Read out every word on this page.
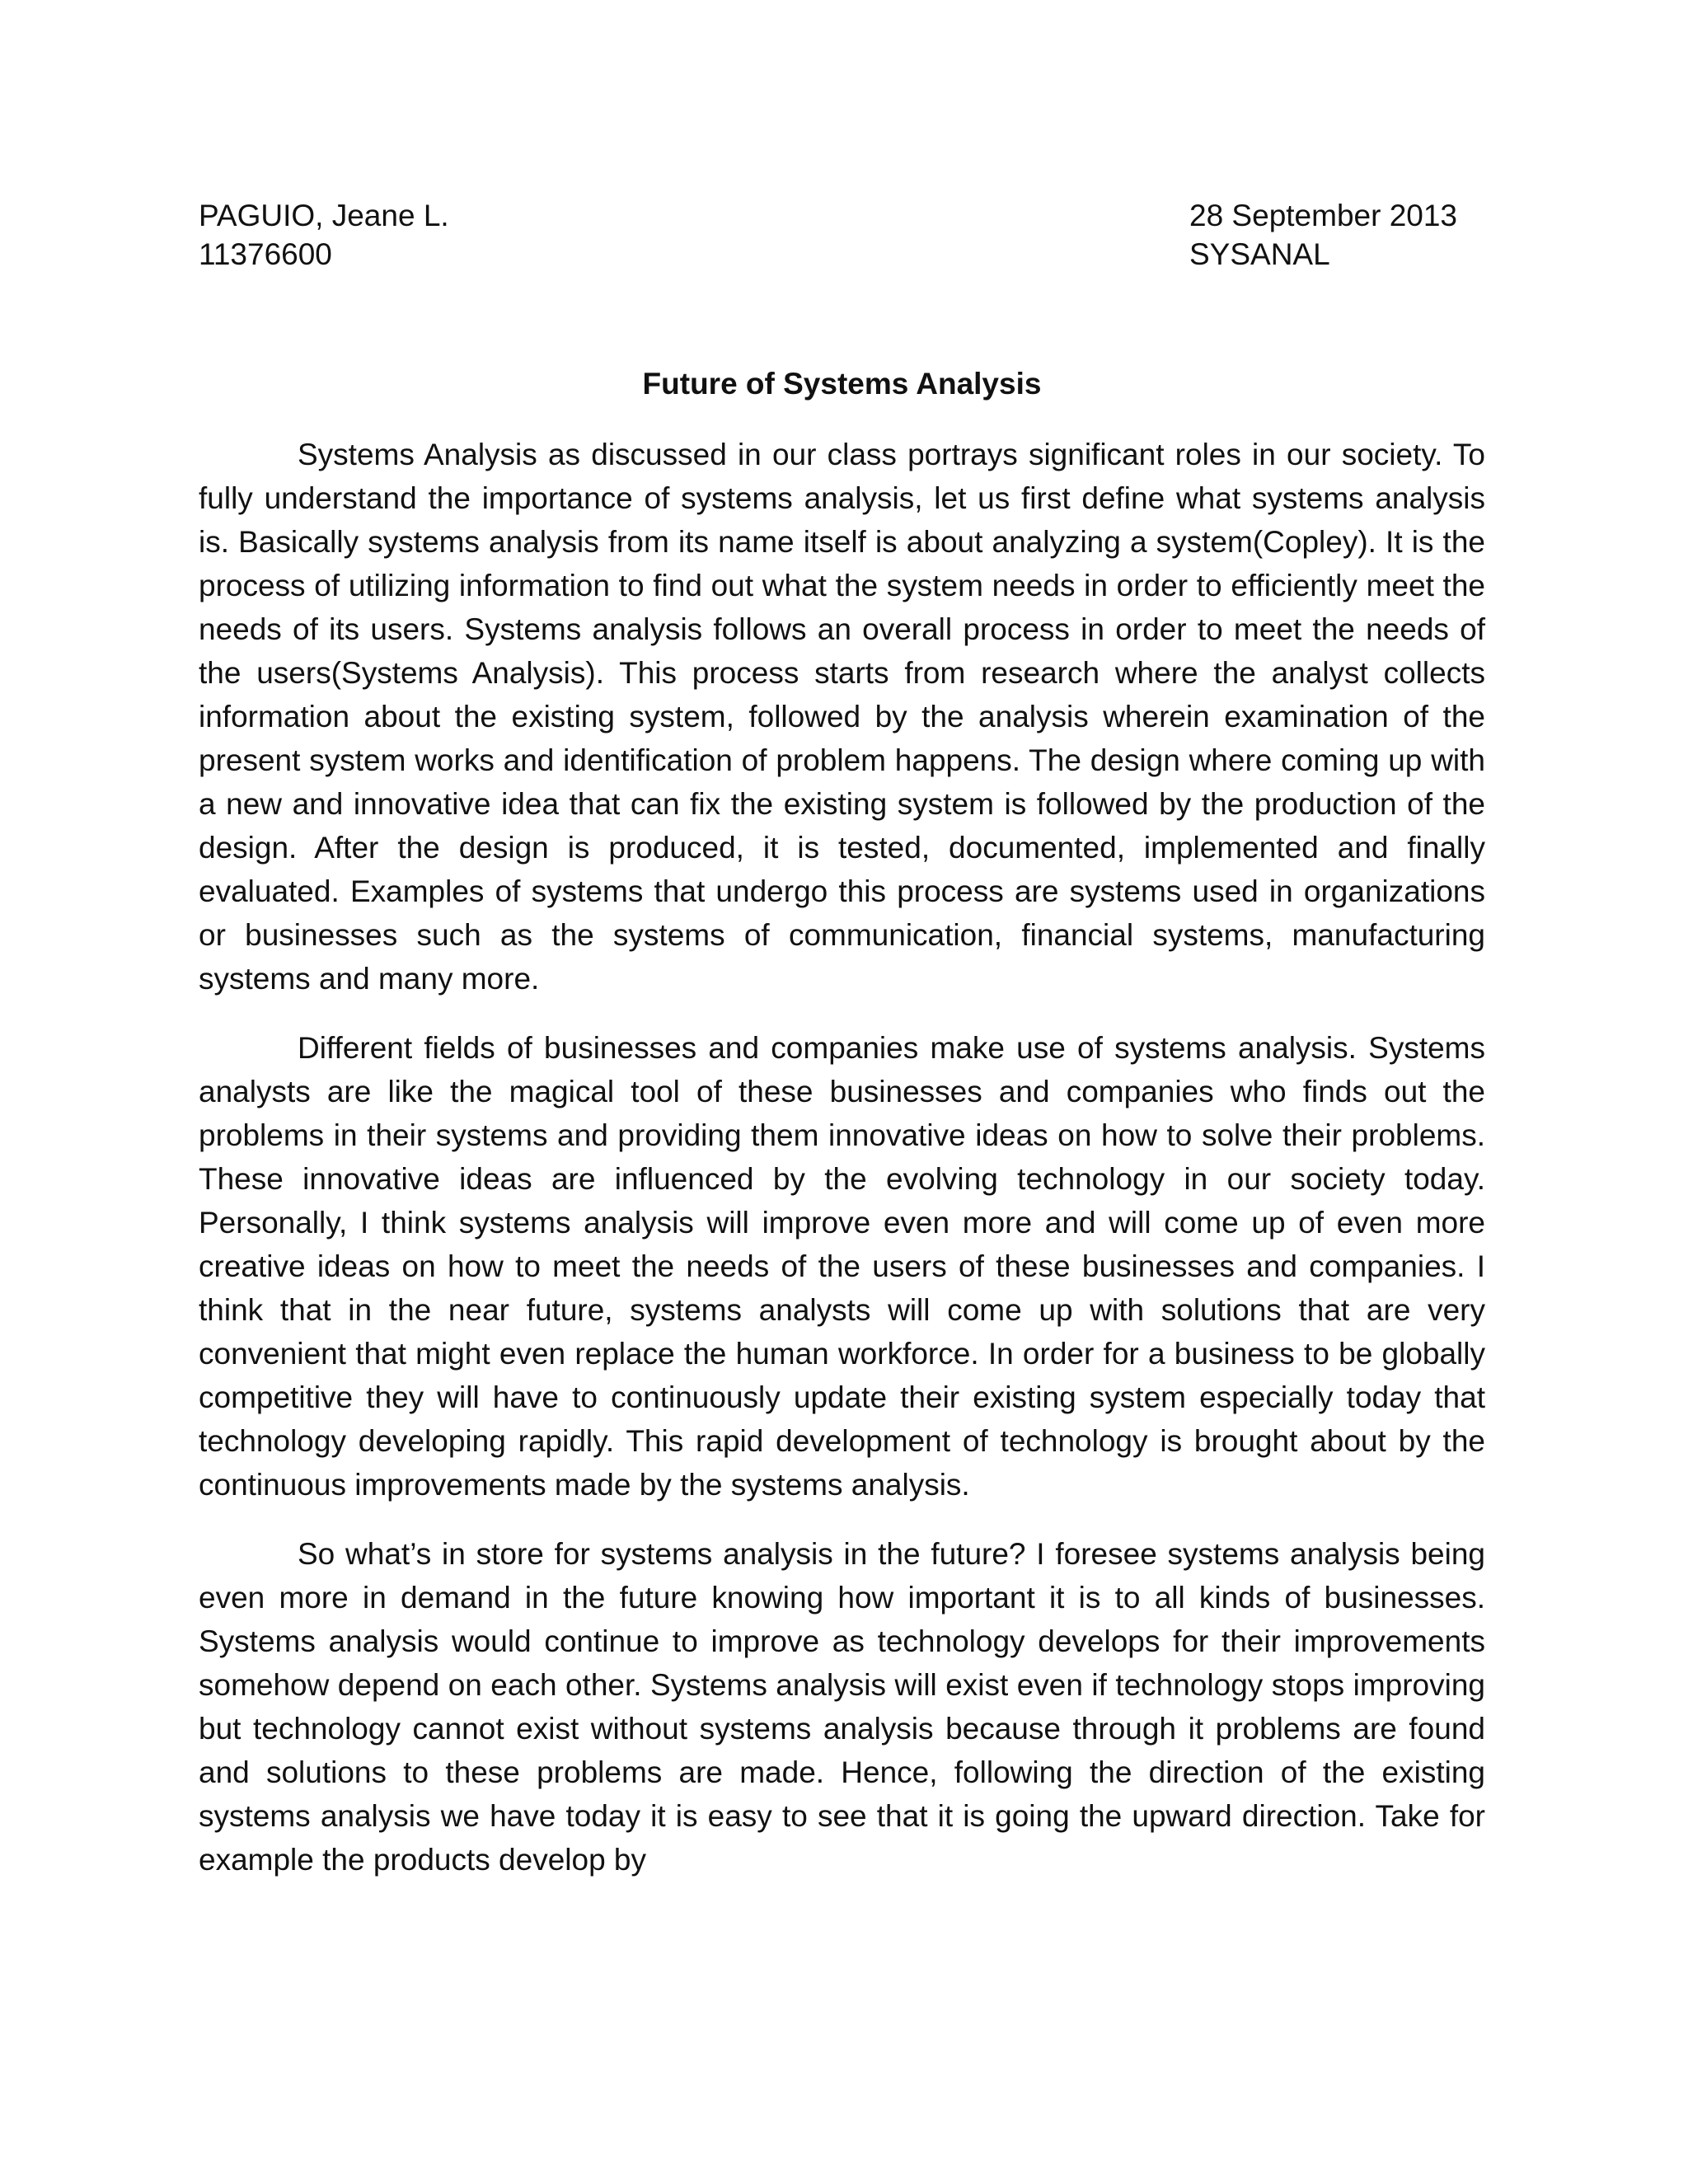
PAGUIO, Jeane L.
11376600
28 September 2013
SYSANAL
Future of Systems Analysis

Systems Analysis as discussed in our class portrays significant roles in our society. To fully understand the importance of systems analysis, let us first define what systems analysis is. Basically systems analysis from its name itself is about analyzing a system(Copley). It is the process of utilizing information to find out what the system needs in order to efficiently meet the needs of its users. Systems analysis follows an overall process in order to meet the needs of the users(Systems Analysis). This process starts from research where the analyst collects information about the existing system, followed by the analysis wherein examination of the present system works and identification of problem happens. The design where coming up with a new and innovative idea that can fix the existing system is followed by the production of the design. After the design is produced, it is tested, documented, implemented and finally evaluated. Examples of systems that undergo this process are systems used in organizations or businesses such as the systems of communication, financial systems, manufacturing systems and many more.

Different fields of businesses and companies make use of systems analysis. Systems analysts are like the magical tool of these businesses and companies who finds out the problems in their systems and providing them innovative ideas on how to solve their problems. These innovative ideas are influenced by the evolving technology in our society today. Personally, I think systems analysis will improve even more and will come up of even more creative ideas on how to meet the needs of the users of these businesses and companies. I think that in the near future, systems analysts will come up with solutions that are very convenient that might even replace the human workforce. In order for a business to be globally competitive they will have to continuously update their existing system especially today that technology developing rapidly. This rapid development of technology is brought about by the continuous improvements made by the systems analysis.

So what’s in store for systems analysis in the future? I foresee systems analysis being even more in demand in the future knowing how important it is to all kinds of businesses. Systems analysis would continue to improve as technology develops for their improvements somehow depend on each other. Systems analysis will exist even if technology stops improving but technology cannot exist without systems analysis because through it problems are found and solutions to these problems are made. Hence, following the direction of the existing systems analysis we have today it is easy to see that it is going the upward direction. Take for example the products develop by
